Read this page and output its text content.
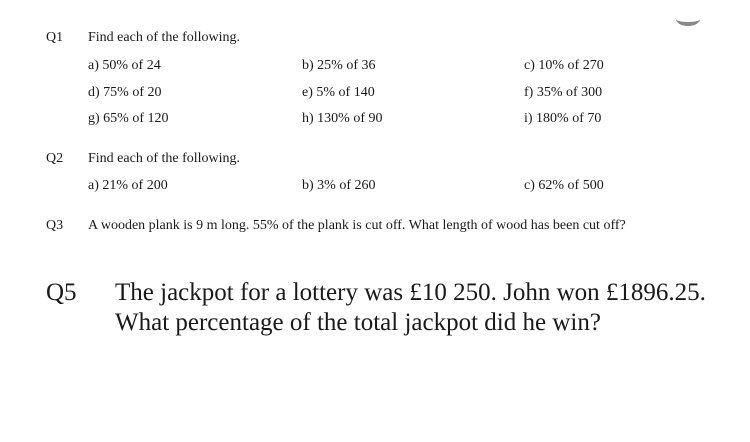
Q1 Find each of the following.
a) 50% of 24	b) 25% of 36	c) 10% of 270
d) 75% of 20	e) 5% of 140	f) 35% of 300
g) 65% of 120	h) 130% of 90	i) 180% of 70
Q2 Find each of the following.
a) 21% of 200	b) 3% of 260	c) 62% of 500
Q3 A wooden plank is 9 m long. 55% of the plank is cut off. What length of wood has been cut off?
Q5 The jackpot for a lottery was £10 250. John won £1896.25.
What percentage of the total jackpot did he win?
